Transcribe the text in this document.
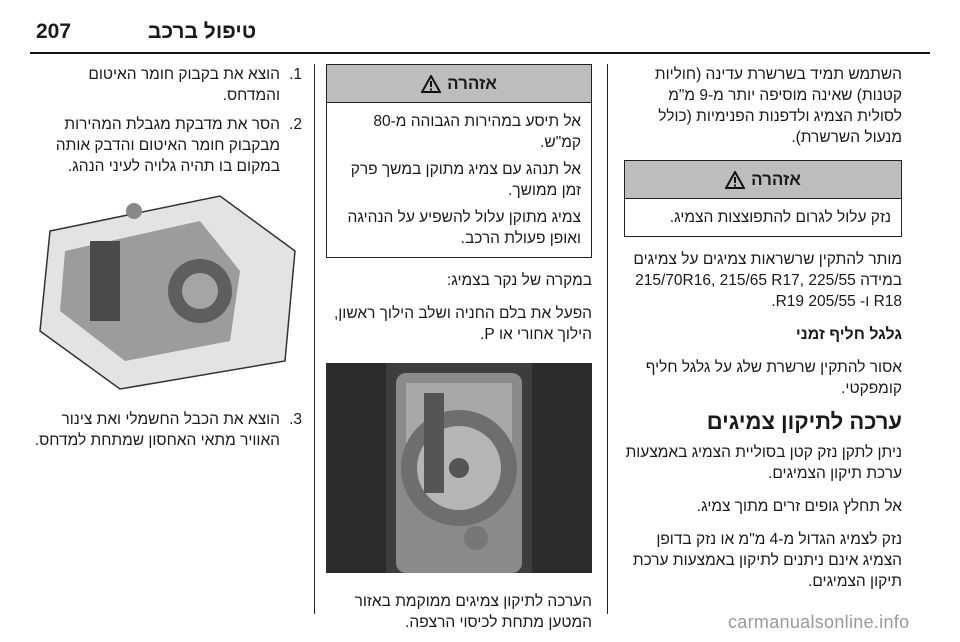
207	טיפול ברכב

השתמש תמיד בשרשרת עדינה (חוליות קטנות) שאינה מוסיפה יותר מ-9 מ"מ לסולית הצמיג ולדפנות הפנימיות (כולל מנעול השרשרת).

אזהרה

נזק עלול לגרום להתפוצצות הצמיג.

מותר להתקין שרשראות צמיגים על צמיגים במידה 215/70R16, 215/65 R17, 225/55 R18 ו- 205/55 R19.

גלגל חליף זמני

אסור להתקין שרשרת שלג על גלגל חליף קומפקטי.

ערכה לתיקון צמיגים

ניתן לתקן נזק קטן בסוליית הצמיג באמצעות ערכת תיקון הצמיגים.

אל תחלץ גופים זרים מתוך צמיג.

נזק לצמיג הגדול מ-4 מ"מ או נזק בדופן הצמיג אינם ניתנים לתיקון באמצעות ערכת תיקון הצמיגים.

אזהרה

אל תיסע במהירות הגבוהה מ-80 קמ"ש.

אל תנהג עם צמיג מתוקן במשך פרק זמן ממושך.

צמיג מתוקן עלול להשפיע על הנהיגה ואופן פעולת הרכב.

במקרה של נקר בצמיג:

הפעל את בלם החניה ושלב הילוך ראשון, הילוך אחורי או P.

הערכה לתיקון צמיגים ממוקמת באזור המטען מתחת לכיסוי הרצפה.

1.
הוצא את בקבוק חומר האיטום והמדחס.
2.
הסר את מדבקת מגבלת המהירות מבקבוק חומר האיטום והדבק אותה במקום בו תהיה גלויה לעיני הנהג.
3.
הוצא את הכבל החשמלי ואת צינור האוויר מתאי האחסון שמתחת למדחס.
carmanualsonline.info
